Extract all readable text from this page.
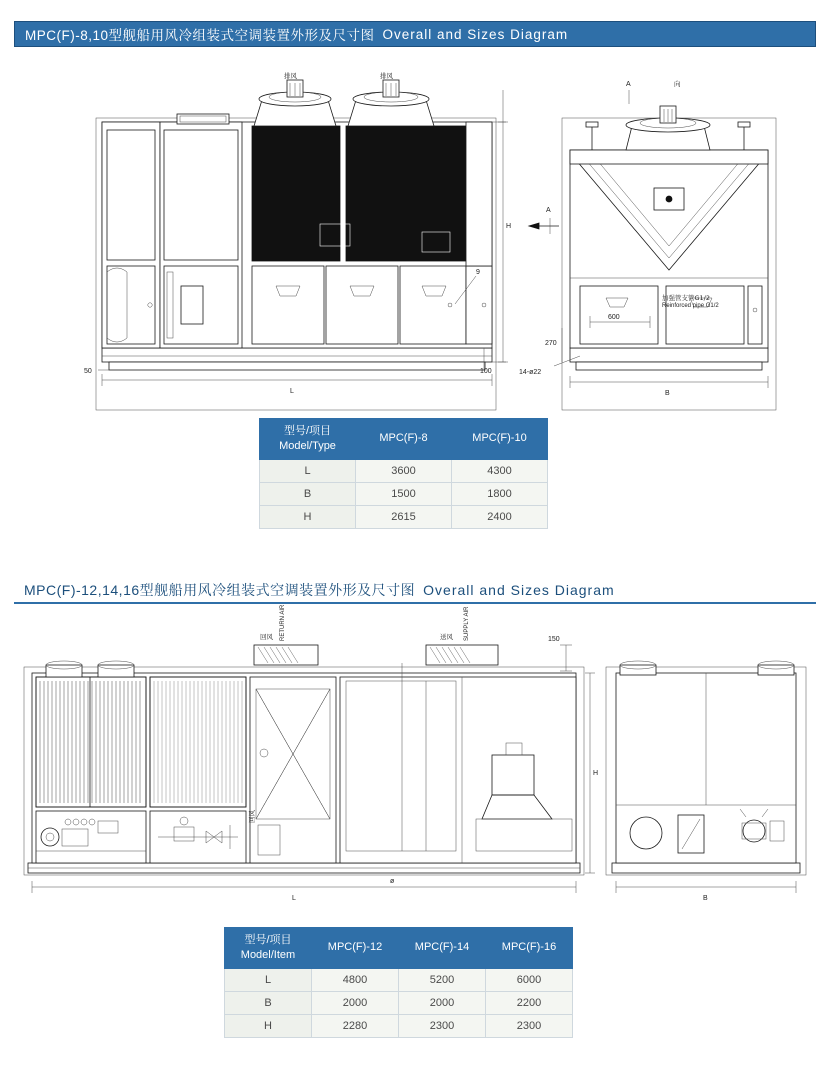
MPC(F)-8,10型舰船用风冷组装式空调装置外形及尺寸图 Overall and Sizes Diagram
排风	排风
9
L
H
50	100
加强管支管G1/2
Reinforced pipe G1/2
600
270
14-ø22
B
A	向
A
型号/项目
Model/Type	MPC(F)-8	MPC(F)-10
L	3600	4300
B	1500	1800
H	2615	2400
MPC(F)-12,14,16型舰船用风冷组装式空调装置外形及尺寸图 Overall and Sizes Diagram
回风
回风 RETURN AIR	送风 SUPPLY AIR	150
H
L
ø
B
型号/项目
Model/Item	MPC(F)-12	MPC(F)-14	MPC(F)-16
L	4800	5200	6000
B	2000	2000	2200
H	2280	2300	2300
